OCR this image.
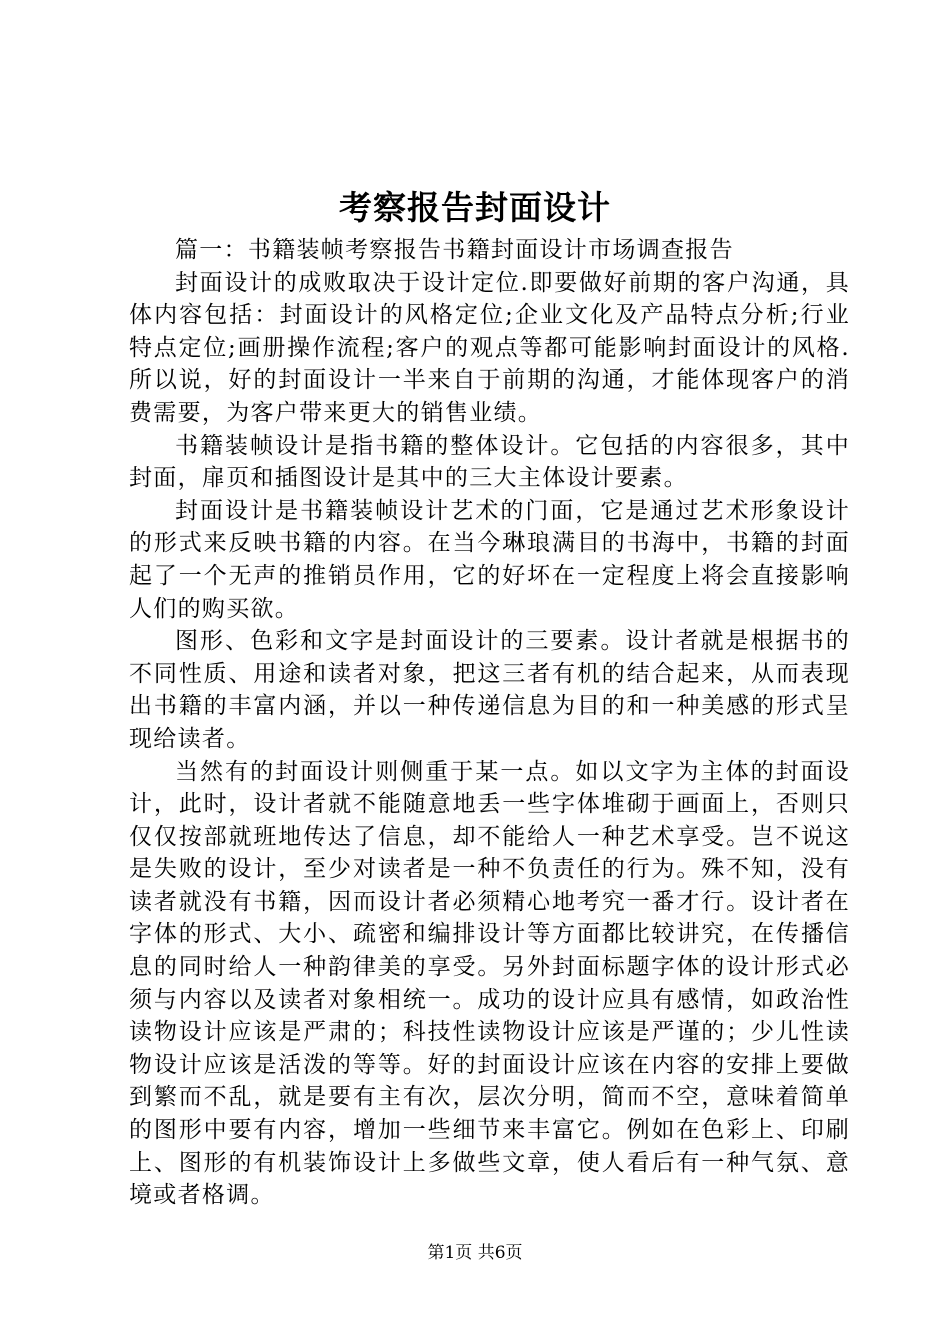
考察报告封面设计

篇一：书籍装帧考察报告书籍封面设计市场调查报告

封面设计的成败取决于设计定位.即要做好前期的客户沟通，具体内容包括：封面设计的风格定位;企业文化及产品特点分析;行业特点定位;画册操作流程;客户的观点等都可能影响封面设计的风格.所以说，好的封面设计一半来自于前期的沟通，才能体现客户的消费需要，为客户带来更大的销售业绩。

书籍装帧设计是指书籍的整体设计。它包括的内容很多，其中封面，扉页和插图设计是其中的三大主体设计要素。

封面设计是书籍装帧设计艺术的门面，它是通过艺术形象设计的形式来反映书籍的内容。在当今琳琅满目的书海中，书籍的封面起了一个无声的推销员作用，它的好坏在一定程度上将会直接影响人们的购买欲。

图形、色彩和文字是封面设计的三要素。设计者就是根据书的不同性质、用途和读者对象，把这三者有机的结合起来，从而表现出书籍的丰富内涵，并以一种传递信息为目的和一种美感的形式呈现给读者。

当然有的封面设计则侧重于某一点。如以文字为主体的封面设计，此时，设计者就不能随意地丢一些字体堆砌于画面上，否则只仅仅按部就班地传达了信息，却不能给人一种艺术享受。岂不说这是失败的设计，至少对读者是一种不负责任的行为。殊不知，没有读者就没有书籍，因而设计者必须精心地考究一番才行。设计者在字体的形式、大小、疏密和编排设计等方面都比较讲究，在传播信息的同时给人一种韵律美的享受。另外封面标题字体的设计形式必须与内容以及读者对象相统一。成功的设计应具有感情，如政治性读物设计应该是严肃的；科技性读物设计应该是严谨的；少儿性读物设计应该是活泼的等等。好的封面设计应该在内容的安排上要做到繁而不乱，就是要有主有次，层次分明，简而不空，意味着简单的图形中要有内容，增加一些细节来丰富它。例如在色彩上、印刷上、图形的有机装饰设计上多做些文章，使人看后有一种气氛、意境或者格调。

第1页 共6页
